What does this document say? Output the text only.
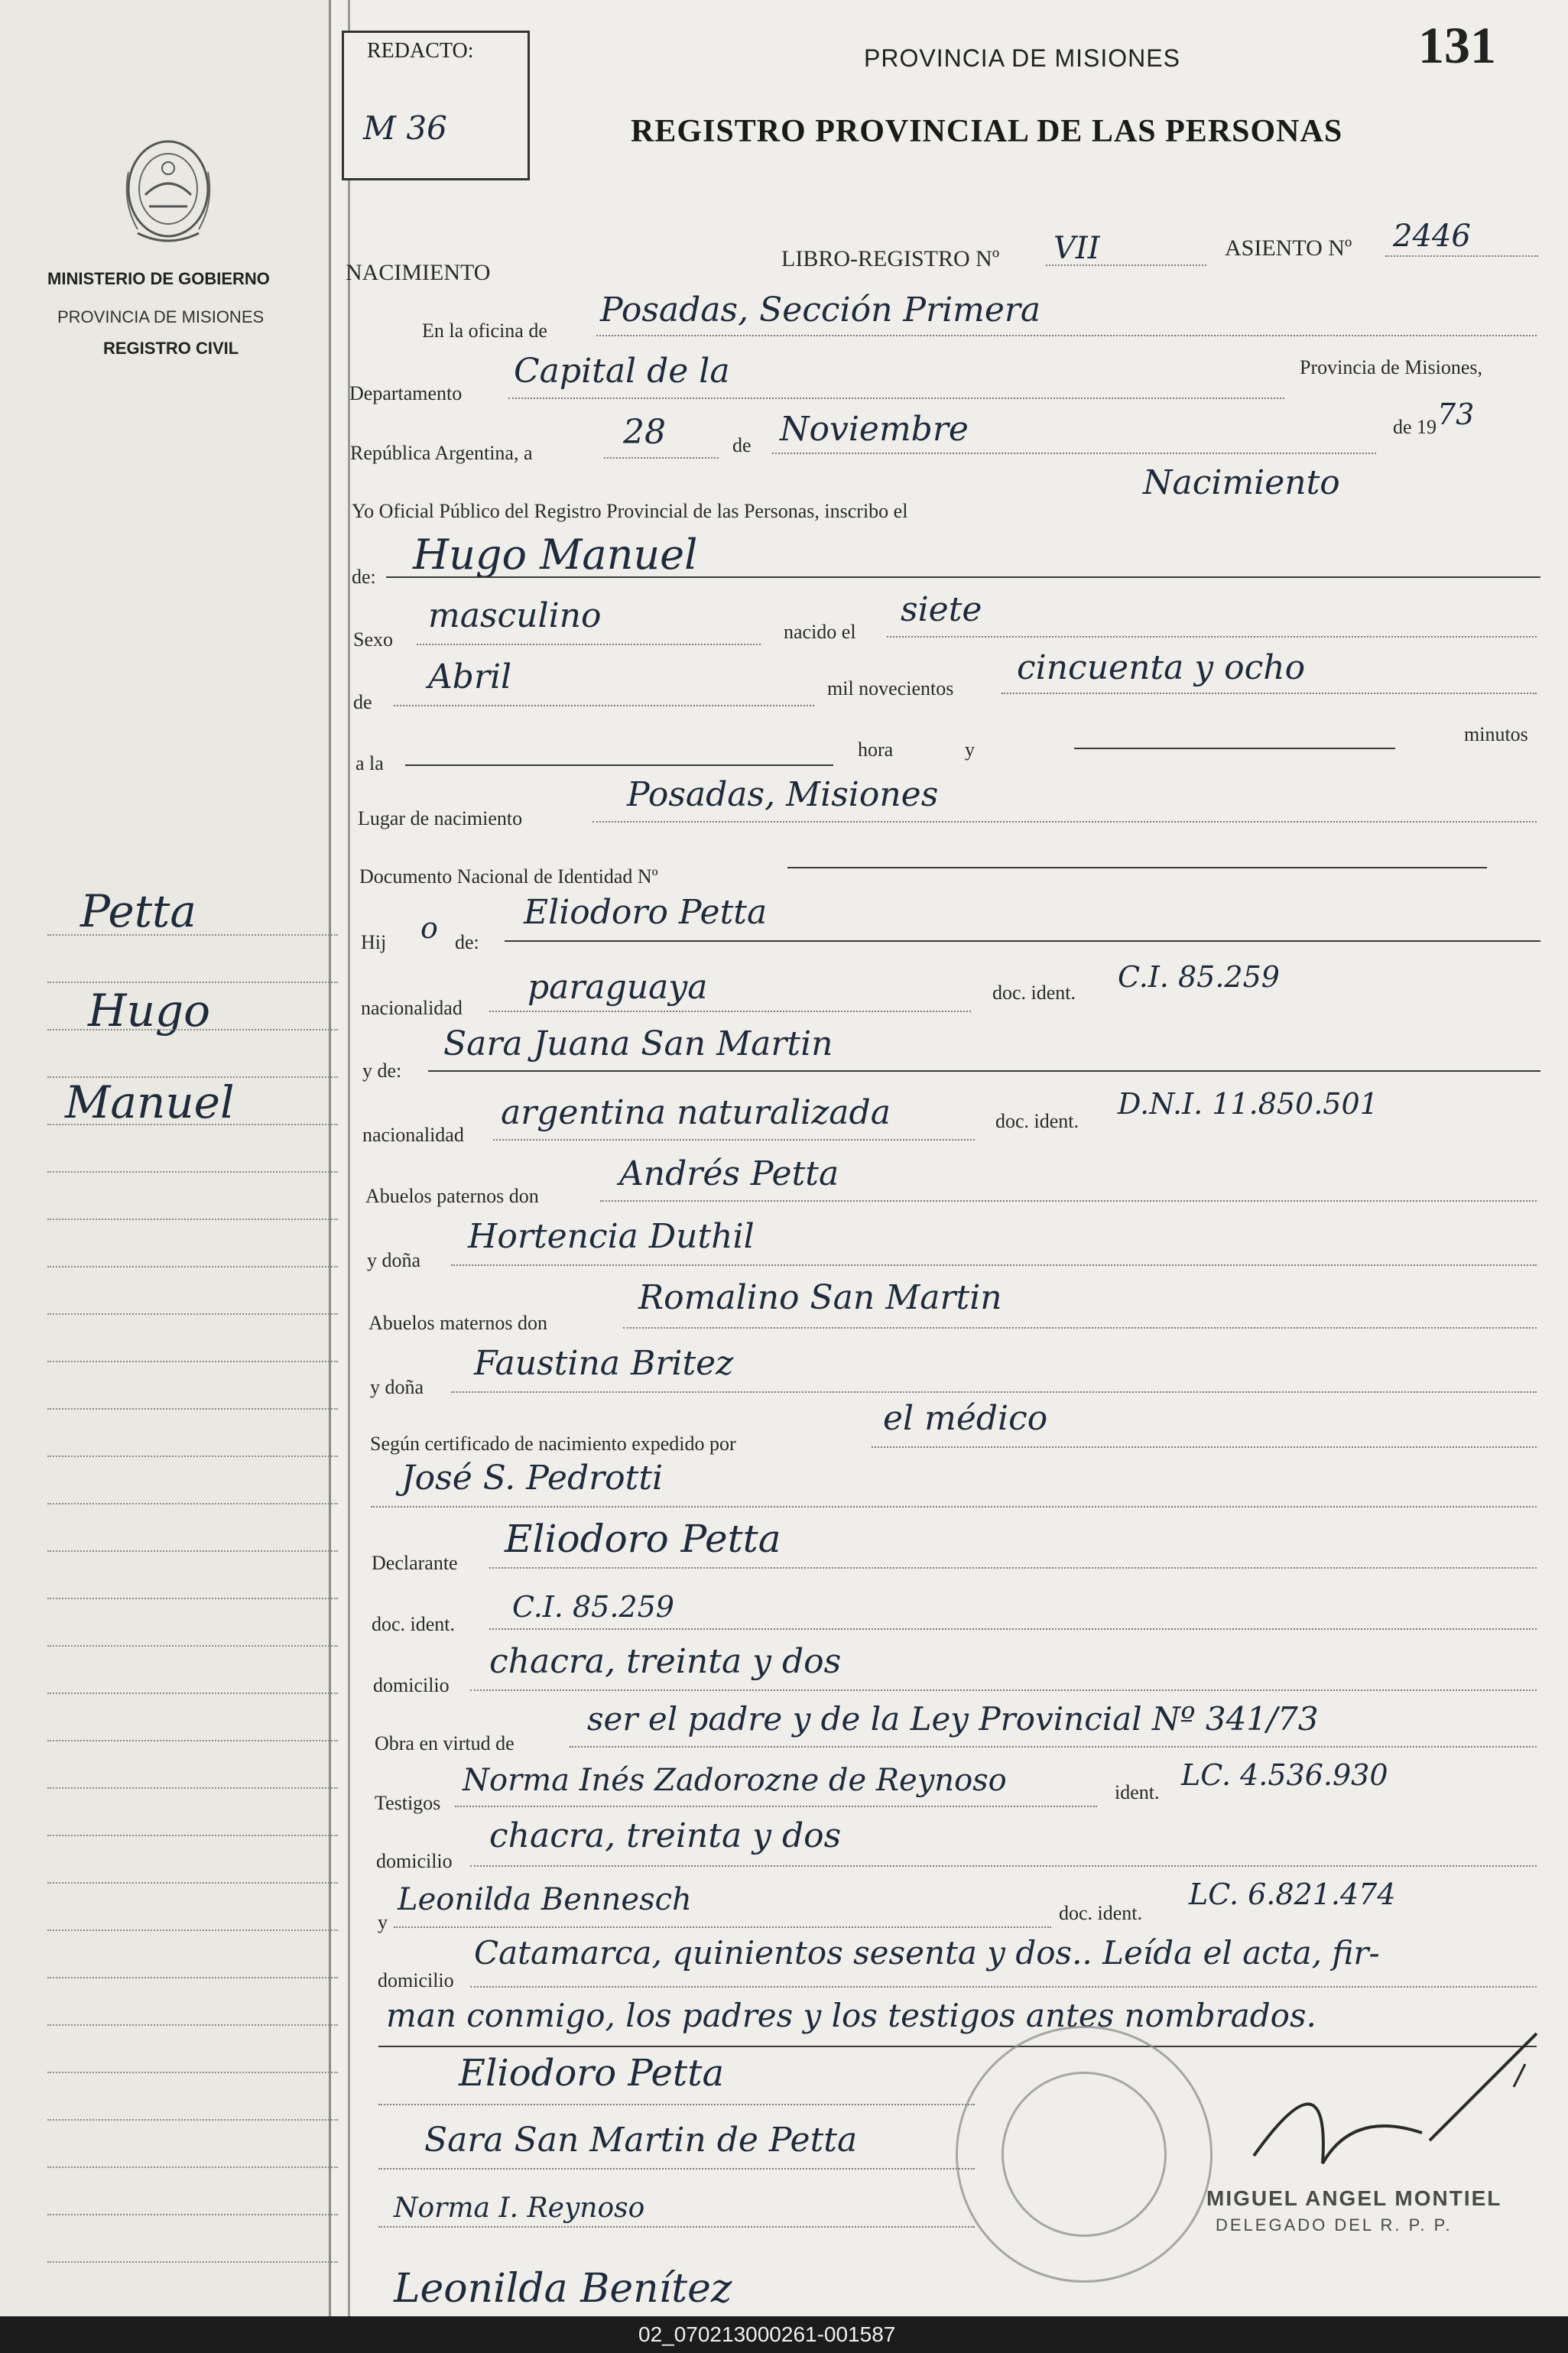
MINISTERIO DE GOBIERNO
PROVINCIA DE MISIONES
REGISTRO CIVIL
Petta
Hugo
Manuel
REDACTO:
M 36
PROVINCIA DE MISIONES
REGISTRO PROVINCIAL DE LAS PERSONAS
131
NACIMIENTO
LIBRO-REGISTRO Nº VII	ASIENTO Nº 2446
En la oficina de
Posadas, Sección Primera
Departamento
Capital de la	Provincia de Misiones,
República Argentina, a
28	de Noviembre	de 19 73
Yo Oficial Público del Registro Provincial de las Personas, inscribo el
Nacimiento
de: Hugo Manuel
Sexo
masculino	nacido el
siete
de
Abril	mil novecientos
cincuenta y ocho
a la
hora	y
minutos
Lugar de nacimiento
Posadas, Misiones
Documento Nacional de Identidad Nº
Hij o de:
Eliodoro Petta
nacionalidad
paraguaya	doc. ident. C.I. 85.259
y de:
Sara Juana San Martin
nacionalidad
argentina naturalizada	doc. ident.
D.N.I. 11.850.501
Abuelos paternos don
Andrés Petta
y doña
Hortencia Duthil
Abuelos maternos don
Romalino San Martin
y doña
Faustina Britez
Según certificado de nacimiento expedido por
el médico
José S. Pedrotti
Declarante
Eliodoro Petta
doc. ident.
C.I. 85.259
domicilio
chacra, treinta y dos
Obra en virtud de
ser el padre y de la Ley Provincial Nº 341/73
Testigos
Norma Inés Zadorozne de Reynoso	ident.
LC. 4.536.930
domicilio
chacra, treinta y dos
y
Leonilda Bennesch	doc. ident.
LC. 6.821.474
domicilio
Catamarca, quinientos sesenta y dos.. Leída el acta, fir-
man conmigo, los padres y los testigos antes nombrados.
Eliodoro Petta
Sara San Martin de Petta
Norma I. Reynoso
Leonilda Benítez
MIGUEL ANGEL MONTIEL
DELEGADO DEL R. P. P.
02_070213000261-001587
